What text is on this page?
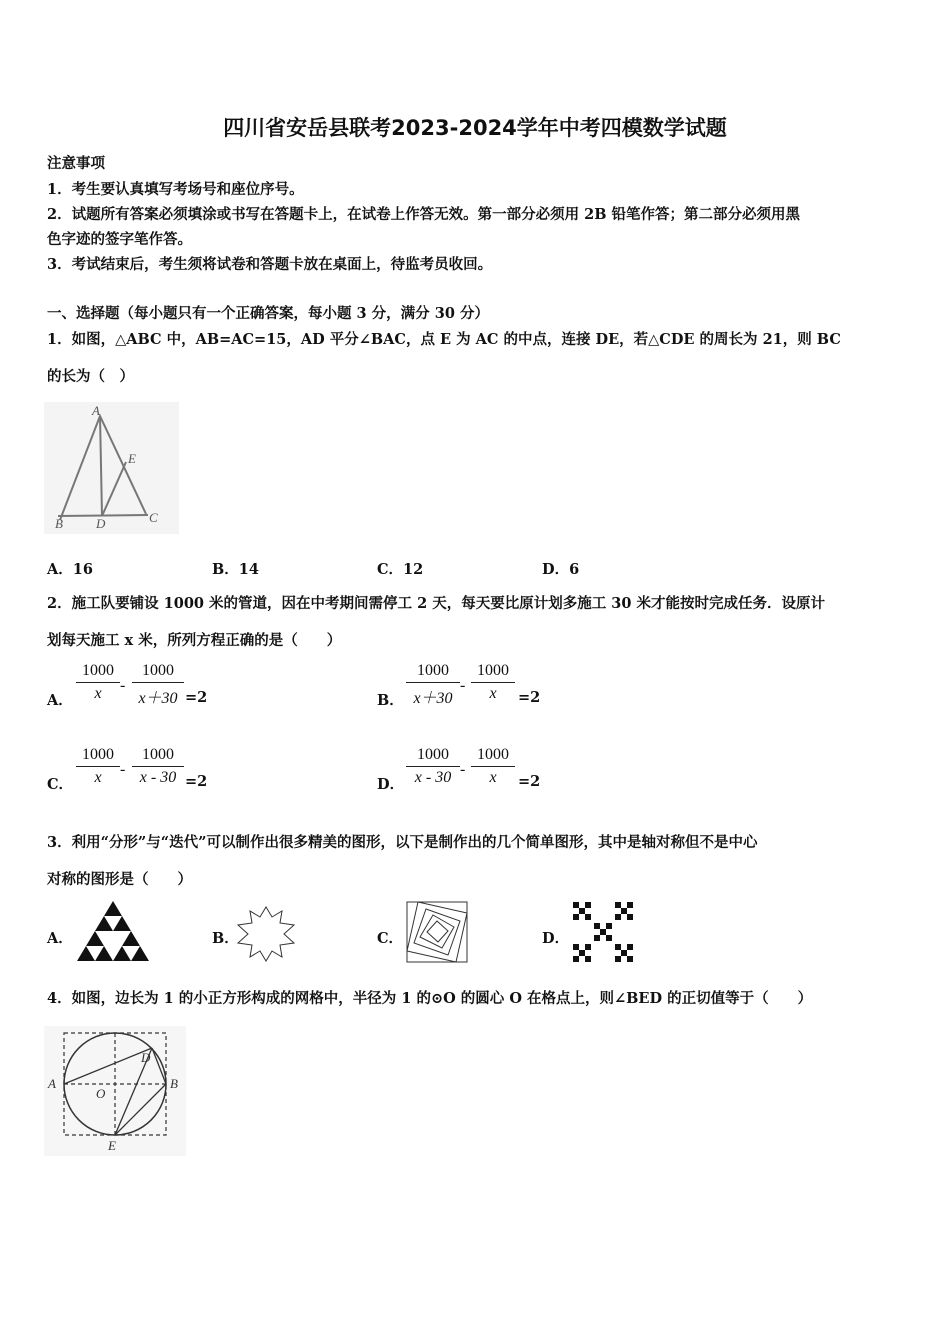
四川省安岳县联考2023-2024学年中考四模数学试题
注意事项
1．考生要认真填写考场号和座位序号。
2．试题所有答案必须填涂或书写在答题卡上，在试卷上作答无效。第一部分必须用 2B 铅笔作答；第二部分必须用黑
色字迹的签字笔作答。
3．考试结束后，考生须将试卷和答题卡放在桌面上，待监考员收回。
一、选择题（每小题只有一个正确答案，每小题 3 分，满分 30 分）
1．如图，△ABC 中，AB=AC=15，AD 平分∠BAC，点 E 为 AC 的中点，连接 DE，若△CDE 的周长为 21，则 BC
的长为（　）
A
E
B	D	C
A．16	B．14	C．12	D．6
2．施工队要铺设 1000 米的管道，因在中考期间需停工 2 天，每天要比原计划多施工 30 米才能按时完成任务．设原计
划每天施工 x 米，所列方程正确的是（　　）
A． $\frac{1000}{x} - \frac{1000}{x+30} =2$	B． $\frac{1000}{x+30} - \frac{1000}{x} =2$
C． $\frac{1000}{x} - \frac{1000}{x - 30} =2$	D． $\frac{1000}{x - 30} - \frac{1000}{x} =2$
3．利用“分形”与“迭代”可以制作出很多精美的图形，以下是制作出的几个简单图形，其中是轴对称但不是中心
对称的图形是（　　）
A．	B．	C．	D．
4．如图，边长为 1 的小正方形构成的网格中，半径为 1 的⊙O 的圆心 O 在格点上，则∠BED 的正切值等于（　　）
A	B
D
O
E
